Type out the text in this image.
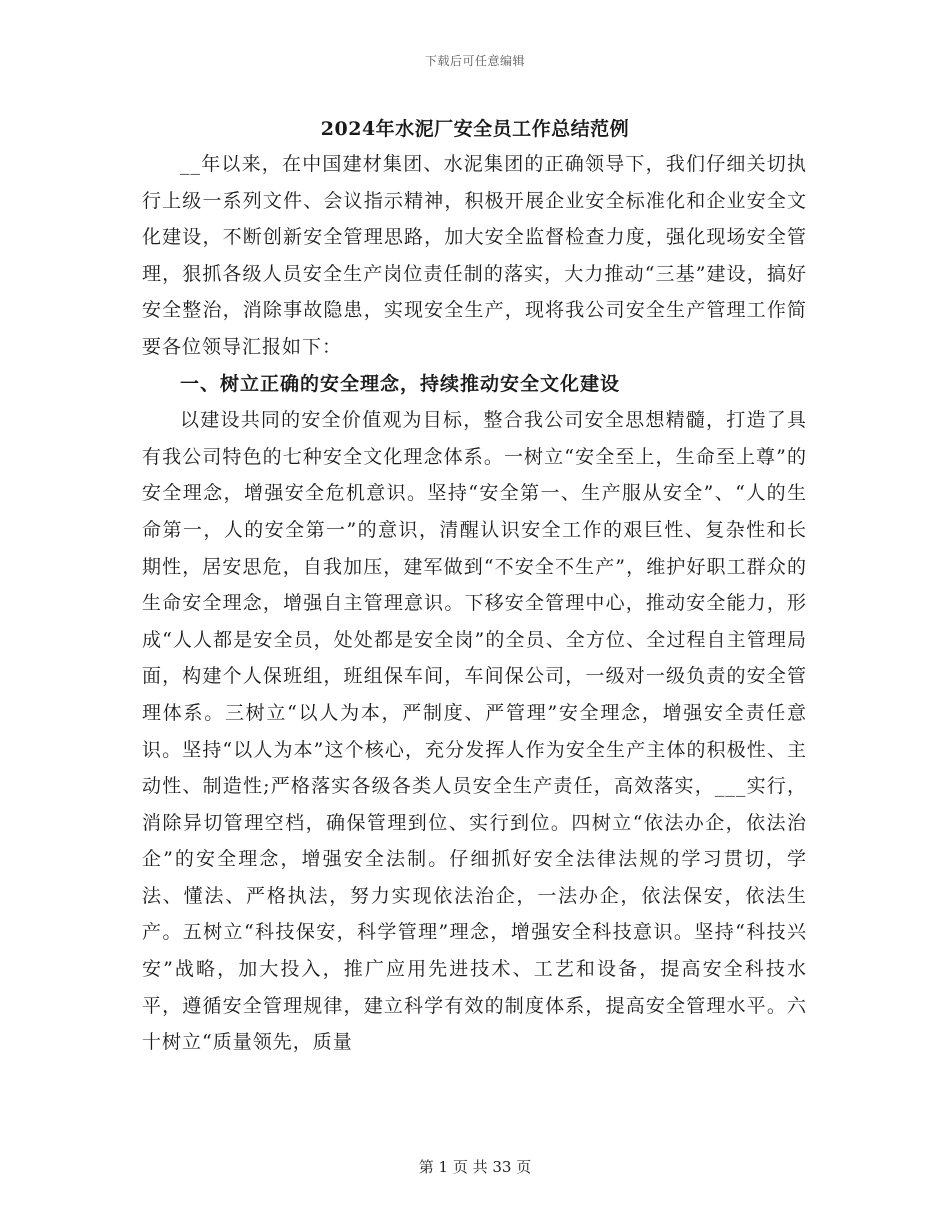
下载后可任意编辑
2024年水泥厂安全员工作总结范例

__年以来，在中国建材集团、水泥集团的正确领导下，我们仔细关切执行上级一系列文件、会议指示精神，积极开展企业安全标准化和企业安全文化建设，不断创新安全管理思路，加大安全监督检查力度，强化现场安全管理，狠抓各级人员安全生产岗位责任制的落实，大力推动“三基”建设，搞好安全整治，消除事故隐患，实现安全生产，现将我公司安全生产管理工作简要各位领导汇报如下：

一、树立正确的安全理念，持续推动安全文化建设

以建设共同的安全价值观为目标，整合我公司安全思想精髓，打造了具有我公司特色的七种安全文化理念体系。一树立“安全至上，生命至上尊”的安全理念，增强安全危机意识。坚持“安全第一、生产服从安全”、“人的生命第一，人的安全第一”的意识，清醒认识安全工作的艰巨性、复杂性和长期性，居安思危，自我加压，建军做到“不安全不生产”，维护好职工群众的生命安全理念，增强自主管理意识。下移安全管理中心，推动安全能力，形成“人人都是安全员，处处都是安全岗”的全员、全方位、全过程自主管理局面，构建个人保班组，班组保车间，车间保公司，一级对一级负责的安全管理体系。三树立“以人为本，严制度、严管理”安全理念，增强安全责任意识。坚持“以人为本”这个核心，充分发挥人作为安全生产主体的积极性、主动性、制造性;严格落实各级各类人员安全生产责任，高效落实，___实行，消除异切管理空档，确保管理到位、实行到位。四树立“依法办企，依法治企”的安全理念，增强安全法制。仔细抓好安全法律法规的学习贯切，学法、懂法、严格执法，努力实现依法治企，一法办企，依法保安，依法生产。五树立“科技保安，科学管理”理念，增强安全科技意识。坚持“科技兴安”战略，加大投入，推广应用先进技术、工艺和设备，提高安全科技水平，遵循安全管理规律，建立科学有效的制度体系，提高安全管理水平。六十树立“质量领先，质量

第 1 页 共 33 页
